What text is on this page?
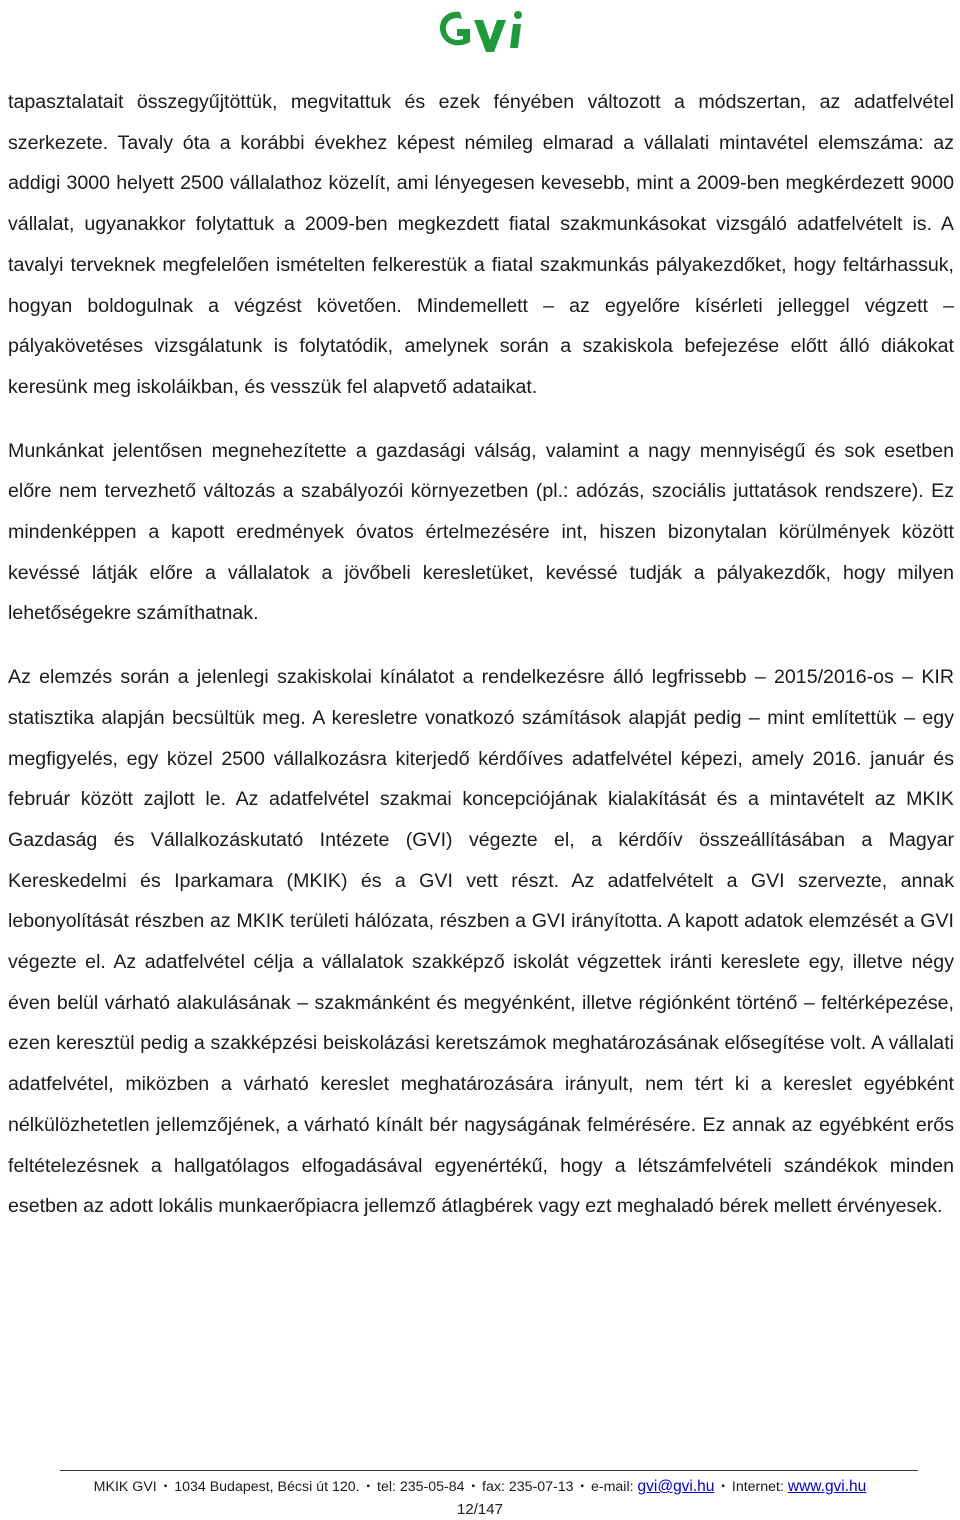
tapasztalatait összegyűjtöttük, megvitattuk és ezek fényében változott a módszertan, az adatfelvétel szerkezete. Tavaly óta a korábbi évekhez képest némileg elmarad a vállalati mintavétel elemszáma: az addigi 3000 helyett 2500 vállalathoz közelít, ami lényegesen kevesebb, mint a 2009-ben megkérdezett 9000 vállalat, ugyanakkor folytattuk a 2009-ben megkezdett fiatal szakmunkásokat vizsgáló adatfelvételt is. A tavalyi terveknek megfelelően ismételten felkerestük a fiatal szakmunkás pályakezdőket, hogy feltárhassuk, hogyan boldogulnak a végzést követően. Mindemellett – az egyelőre kísérleti jelleggel végzett – pályakövetéses vizsgálatunk is folytatódik, amelynek során a szakiskola befejezése előtt álló diákokat keresünk meg iskoláikban, és vesszük fel alapvető adataikat.

Munkánkat jelentősen megnehezítette a gazdasági válság, valamint a nagy mennyiségű és sok esetben előre nem tervezhető változás a szabályozói környezetben (pl.: adózás, szociális juttatások rendszere). Ez mindenképpen a kapott eredmények óvatos értelmezésére int, hiszen bizonytalan körülmények között kevéssé látják előre a vállalatok a jövőbeli keresletüket, kevéssé tudják a pályakezdők, hogy milyen lehetőségekre számíthatnak.

Az elemzés során a jelenlegi szakiskolai kínálatot a rendelkezésre álló legfrissebb – 2015/2016-os – KIR statisztika alapján becsültük meg. A keresletre vonatkozó számítások alapját pedig – mint említettük – egy megfigyelés, egy közel 2500 vállalkozásra kiterjedő kérdőíves adatfelvétel képezi, amely 2016. január és február között zajlott le. Az adatfelvétel szakmai koncepciójának kialakítását és a mintavételt az MKIK Gazdaság és Vállalkozáskutató Intézete (GVI) végezte el, a kérdőív összeállításában a Magyar Kereskedelmi és Iparkamara (MKIK) és a GVI vett részt. Az adatfelvételt a GVI szervezte, annak lebonyolítását részben az MKIK területi hálózata, részben a GVI irányította. A kapott adatok elemzését a GVI végezte el. Az adatfelvétel célja a vállalatok szakképző iskolát végzettek iránti kereslete egy, illetve négy éven belül várható alakulásának – szakmánként és megyénként, illetve régiónként történő – feltérképezése, ezen keresztül pedig a szakképzési beiskolázási keretszámok meghatározásának elősegítése volt. A vállalati adatfelvétel, miközben a várható kereslet meghatározására irányult, nem tért ki a kereslet egyébként nélkülözhetetlen jellemzőjének, a várható kínált bér nagyságának felmérésére. Ez annak az egyébként erős feltételezésnek a hallgatólagos elfogadásával egyenértékű, hogy a létszámfelvételi szándékok minden esetben az adott lokális munkaerőpiacra jellemző átlagbérek vagy ezt meghaladó bérek mellett érvényesek.

MKIK GVI ▪ 1034 Budapest, Bécsi út 120. ▪ tel: 235-05-84 ▪ fax: 235-07-13 ▪ e-mail: gvi@gvi.hu ▪ Internet: www.gvi.hu
12/147
